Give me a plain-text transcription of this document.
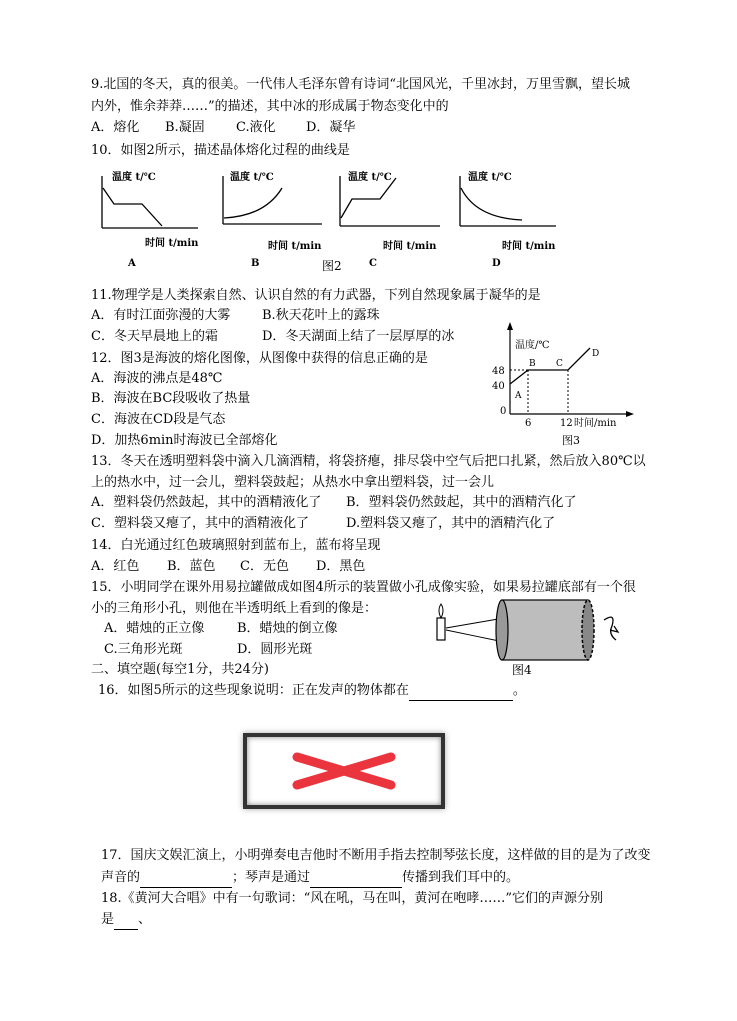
9.北国的冬天，真的很美。一代伟人毛泽东曾有诗词“北国风光，千里冰封，万里雪飘，望长城
内外，惟余莽莽……”的描述，其中冰的形成属于物态变化中的
A．熔化 B.凝固 C.液化 D．凝华
10．如图2所示，描述晶体熔化过程的曲线是
温度 t/℃
时间 t/min
A
温度 t/℃
时间 t/min
B
温度 t/℃
时间 t/min
C
温度 t/℃
时间 t/min
D
图2
11.物理学是人类探索自然、认识自然的有力武器，下列自然现象属于凝华的是
A．有时江面弥漫的大雾 B.秋天花叶上的露珠
C．冬天早晨地上的霜	D．冬天湖面上结了一层厚厚的冰
12．图3是海波的熔化图像，从图像中获得的信息正确的是
A．海波的沸点是48℃
B．海波在BC段吸收了热量
C．海波在CD段是气态
D．加热6min时海波已全部熔化
温度/℃
48
40
0
A
B C
D
6	12 时间/min
图3
13．冬天在透明塑料袋中滴入几滴酒精，将袋挤瘪，排尽袋中空气后把口扎紧，然后放入80℃以
上的热水中，过一会儿，塑料袋鼓起；从热水中拿出塑料袋，过一会儿
A．塑料袋仍然鼓起，其中的酒精液化了 B．塑料袋仍然鼓起，其中的酒精汽化了
C．塑料袋又瘪了，其中的酒精液化了	D.塑料袋又瘪了，其中的酒精汽化了
14．白光通过红色玻璃照射到蓝布上，蓝布将呈现
A．红色 B．蓝色 C．无色 D．黑色
15．小明同学在课外用易拉罐做成如图4所示的装置做小孔成像实验，如果易拉罐底部有一个很
小的三角形小孔，则他在半透明纸上看到的像是：
A．蜡烛的正立像	B．蜡烛的倒立像
C.三角形光斑	D．圆形光斑
图4
二、填空题(每空1分，共24分)
16．如图5所示的这些现象说明：正在发声的物体都在	。
17．国庆文娱汇演上，小明弹奏电吉他时不断用手指去控制琴弦长度，这样做的目的是为了改变
声音的	；琴声是通过	传播到我们耳中的。
18.《黄河大合唱》中有一句歌词：“风在吼，马在叫，黄河在咆哮……”它们的声源分别
是 、
